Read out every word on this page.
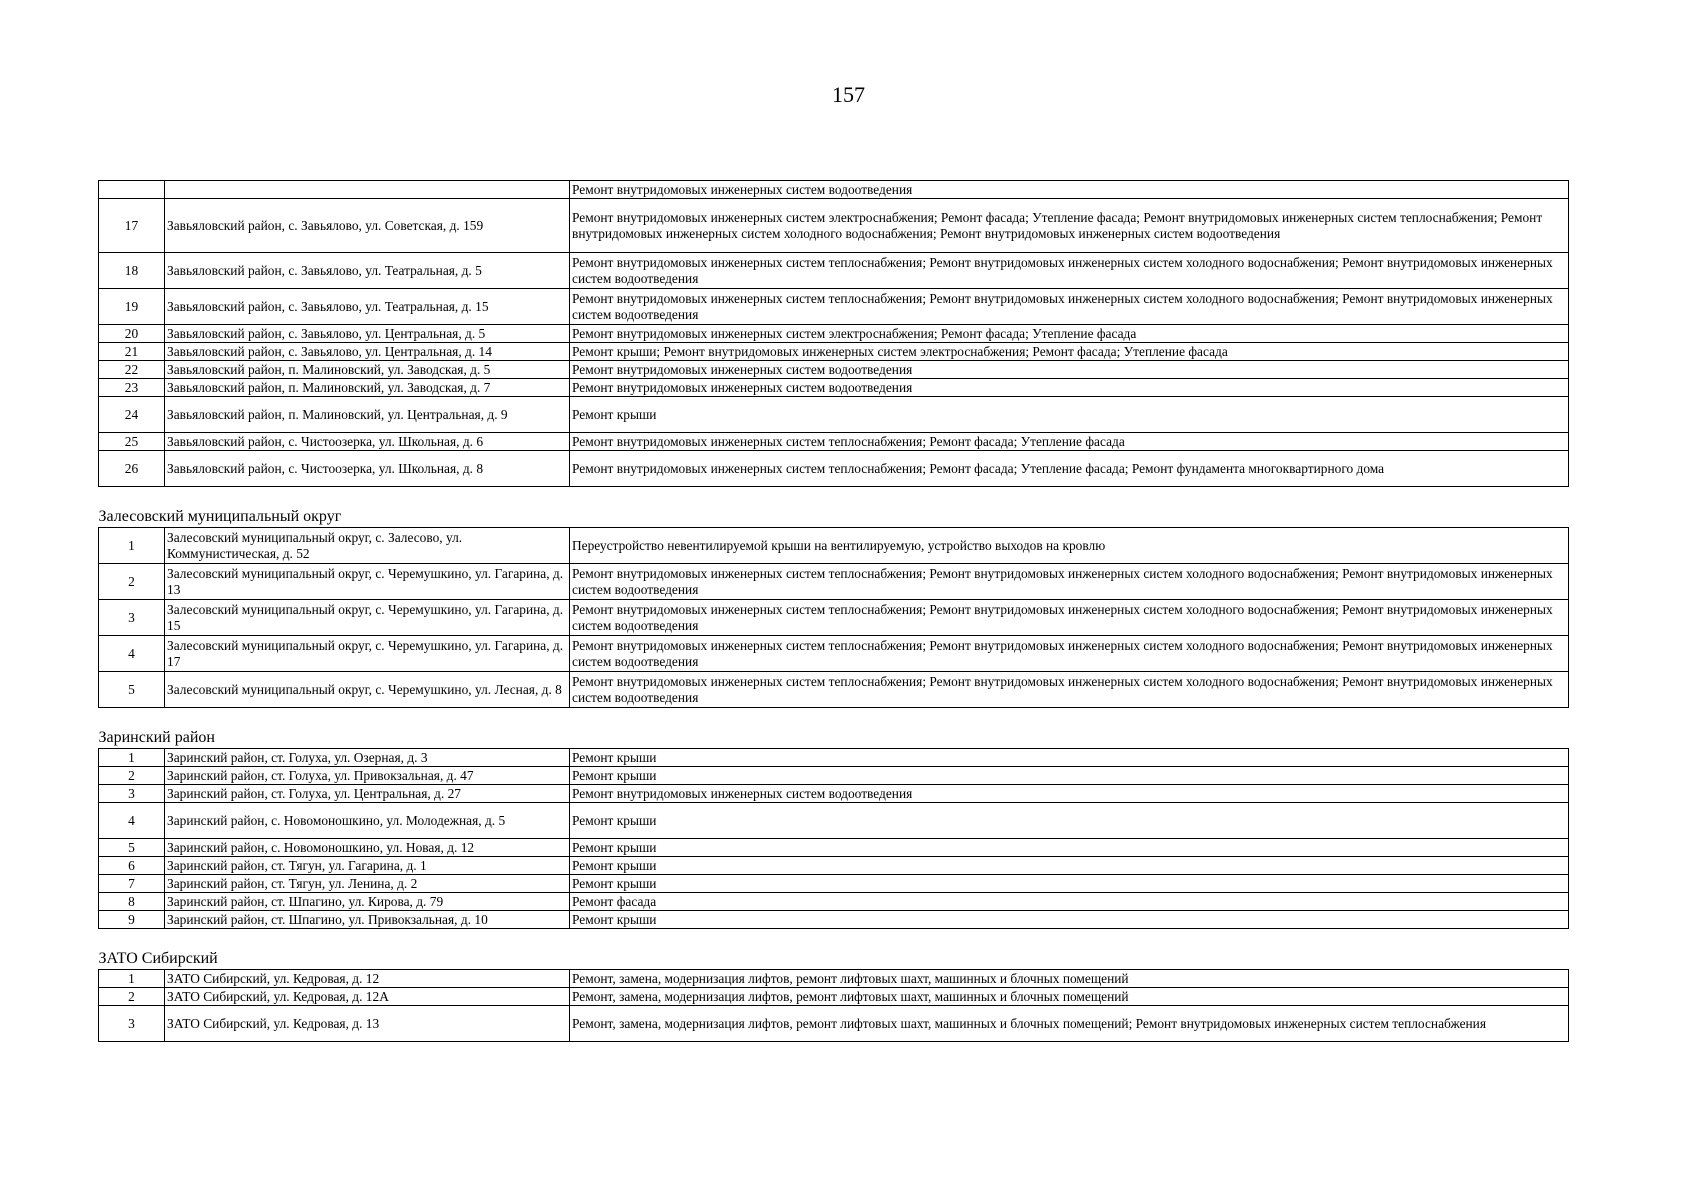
157
		Ремонт внутридомовых инженерных систем водоотведения
17	Завьяловский район, с. Завьялово, ул. Советская, д. 159	Ремонт внутридомовых инженерных систем электроснабжения; Ремонт фасада; Утепление фасада; Ремонт внутридомовых инженерных систем теплоснабжения; Ремонт внутридомовых инженерных систем холодного водоснабжения; Ремонт внутридомовых инженерных систем водоотведения
18	Завьяловский район, с. Завьялово, ул. Театральная, д. 5	Ремонт внутридомовых инженерных систем теплоснабжения; Ремонт внутридомовых инженерных систем холодного водоснабжения; Ремонт внутридомовых инженерных систем водоотведения
19	Завьяловский район, с. Завьялово, ул. Театральная, д. 15	Ремонт внутридомовых инженерных систем теплоснабжения; Ремонт внутридомовых инженерных систем холодного водоснабжения; Ремонт внутридомовых инженерных систем водоотведения
20	Завьяловский район, с. Завьялово, ул. Центральная, д. 5	Ремонт внутридомовых инженерных систем электроснабжения; Ремонт фасада; Утепление фасада
21	Завьяловский район, с. Завьялово, ул. Центральная, д. 14	Ремонт крыши; Ремонт внутридомовых инженерных систем электроснабжения; Ремонт фасада; Утепление фасада
22	Завьяловский район, п. Малиновский, ул. Заводская, д. 5	Ремонт внутридомовых инженерных систем водоотведения
23	Завьяловский район, п. Малиновский, ул. Заводская, д. 7	Ремонт внутридомовых инженерных систем водоотведения
24	Завьяловский район, п. Малиновский, ул. Центральная, д. 9	Ремонт крыши
25	Завьяловский район, с. Чистоозерка, ул. Школьная, д. 6	Ремонт внутридомовых инженерных систем теплоснабжения; Ремонт фасада; Утепление фасада
26	Завьяловский район, с. Чистоозерка, ул. Школьная, д. 8	Ремонт внутридомовых инженерных систем теплоснабжения; Ремонт фасада; Утепление фасада; Ремонт фундамента многоквартирного дома
Залесовский муниципальный округ		
1	Залесовский муниципальный округ, с. Залесово, ул. Коммунистическая, д. 52	Переустройство невентилируемой крыши на вентилируемую, устройство выходов на кровлю
2	Залесовский муниципальный округ, с. Черемушкино, ул. Гагарина, д. 13	Ремонт внутридомовых инженерных систем теплоснабжения; Ремонт внутридомовых инженерных систем холодного водоснабжения; Ремонт внутридомовых инженерных систем водоотведения
3	Залесовский муниципальный округ, с. Черемушкино, ул. Гагарина, д. 15	Ремонт внутридомовых инженерных систем теплоснабжения; Ремонт внутридомовых инженерных систем холодного водоснабжения; Ремонт внутридомовых инженерных систем водоотведения
4	Залесовский муниципальный округ, с. Черемушкино, ул. Гагарина, д. 17	Ремонт внутридомовых инженерных систем теплоснабжения; Ремонт внутридомовых инженерных систем холодного водоснабжения; Ремонт внутридомовых инженерных систем водоотведения
5	Залесовский муниципальный округ, с. Черемушкино, ул. Лесная, д. 8	Ремонт внутридомовых инженерных систем теплоснабжения; Ремонт внутридомовых инженерных систем холодного водоснабжения; Ремонт внутридомовых инженерных систем водоотведения
Заринский район		
1	Заринский район, ст. Голуха, ул. Озерная, д. 3	Ремонт крыши
2	Заринский район, ст. Голуха, ул. Привокзальная, д. 47	Ремонт крыши
3	Заринский район, ст. Голуха, ул. Центральная, д. 27	Ремонт внутридомовых инженерных систем водоотведения
4	Заринский район, с. Новомоношкино, ул. Молодежная, д. 5	Ремонт крыши
5	Заринский район, с. Новомоношкино, ул. Новая, д. 12	Ремонт крыши
6	Заринский район, ст. Тягун, ул. Гагарина, д. 1	Ремонт крыши
7	Заринский район, ст. Тягун, ул. Ленина, д. 2	Ремонт крыши
8	Заринский район, ст. Шпагино, ул. Кирова, д. 79	Ремонт фасада
9	Заринский район, ст. Шпагино, ул. Привокзальная, д. 10	Ремонт крыши
ЗАТО Сибирский		
1	ЗАТО Сибирский, ул. Кедровая, д. 12	Ремонт, замена, модернизация лифтов, ремонт лифтовых шахт, машинных и блочных помещений
2	ЗАТО Сибирский, ул. Кедровая, д. 12А	Ремонт, замена, модернизация лифтов, ремонт лифтовых шахт, машинных и блочных помещений
3	ЗАТО Сибирский, ул. Кедровая, д. 13	Ремонт, замена, модернизация лифтов, ремонт лифтовых шахт, машинных и блочных помещений; Ремонт внутридомовых инженерных систем теплоснабжения
